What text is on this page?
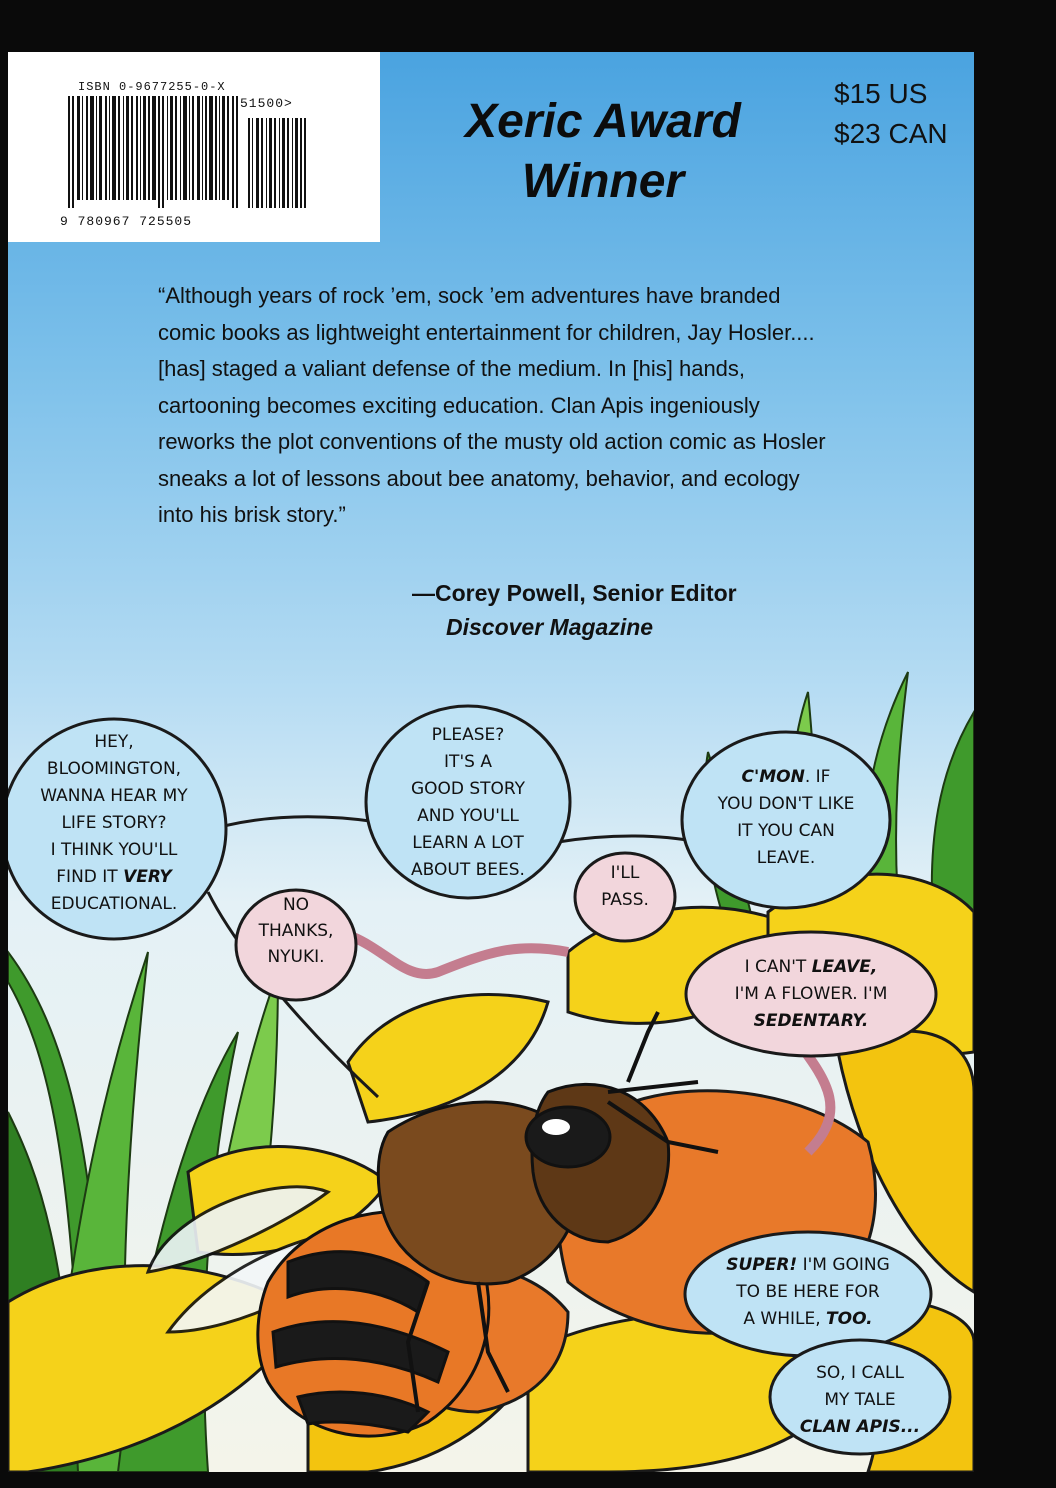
ISBN 0-9677255-0-X
51500>
9 780967 725505
Xeric Award
Winner
$15 US
$23 CAN
“Although years of rock ’em, sock ’em adventures have branded comic books as lightweight entertainment for children, Jay Hosler.... [has] staged a valiant defense of the medium. In [his] hands, cartooning becomes exciting education. Clan Apis ingeniously reworks the plot conventions of the musty old action comic as Hosler sneaks a lot of lessons about bee anatomy, behavior, and ecology into his brisk story.”
—Corey Powell, Senior Editor
Discover Magazine
HEY,
BLOOMINGTON,
WANNA HEAR MY
LIFE STORY?
I THINK YOU'LL
FIND IT VERY
EDUCATIONAL.	NO
THANKS,
NYUKI.
PLEASE?
IT'S A
GOOD STORY
AND YOU'LL
LEARN A LOT
ABOUT BEES.	I'LL
PASS.
C'MON. IF
YOU DON'T LIKE
IT YOU CAN
LEAVE.
I CAN'T LEAVE,
I'M A FLOWER. I'M
SEDENTARY.
SUPER! I'M GOING
TO BE HERE FOR
A WHILE, TOO.
SO, I CALL
MY TALE
CLAN APIS...
